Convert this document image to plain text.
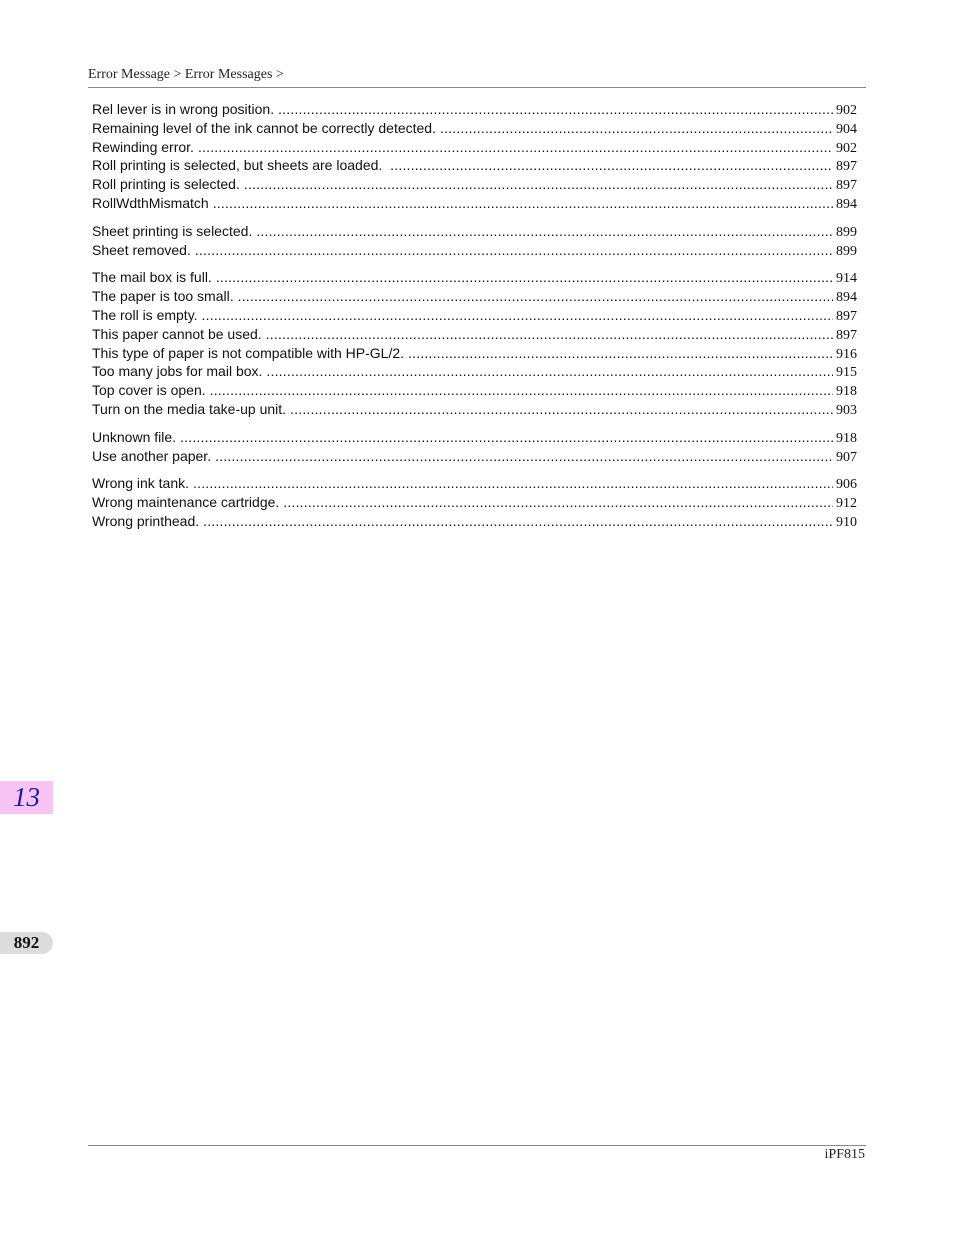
Error Message > Error Messages >
Rel lever is in wrong position. .....	902
Remaining level of the ink cannot be correctly detected. .....	904
Rewinding error. .....	902
Roll printing is selected, but sheets are loaded. .....	897
Roll printing is selected. .....	897
RollWdthMismatch .....	894
Sheet printing is selected. .....	899
Sheet removed. .....	899
The mail box is full. .....	914
The paper is too small. .....	894
The roll is empty. .....	897
This paper cannot be used. .....	897
This type of paper is not compatible with HP-GL/2. .....	916
Too many jobs for mail box. .....	915
Top cover is open. .....	918
Turn on the media take-up unit. .....	903
Unknown file. .....	918
Use another paper. .....	907
Wrong ink tank. .....	906
Wrong maintenance cartridge. .....	912
Wrong printhead. .....	910
13
892
iPF815
